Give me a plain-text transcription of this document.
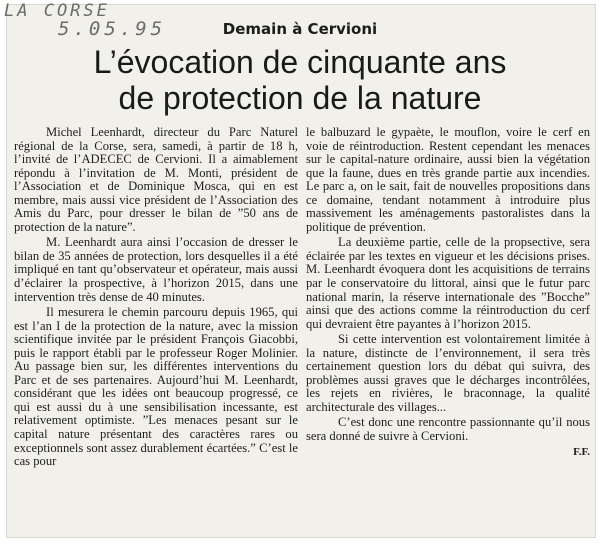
LA CORSE
5.05.95	Demain à Cervioni
L’évocation de cinquante ans
de protection de la nature

Michel Leenhardt, directeur du Parc Naturel régional de la Corse, sera, samedi, à partir de 18 h, l’invité de l’ADECEC de Cervioni. Il a aimablement répondu à l’invitation de M. Monti, président de l’Association et de Dominique Mosca, qui en est membre, mais aussi vice président de l’Association des Amis du Parc, pour dresser le bilan de ”50 ans de protection de la nature”.

M. Leenhardt aura ainsi l’occasion de dresser le bilan de 35 années de protection, lors desquelles il a été impliqué en tant qu’observateur et opérateur, mais aussi d’éclairer la prospective, à l’horizon 2015, dans une intervention très dense de 40 minutes.

Il mesurera le chemin parcouru depuis 1965, qui est l’an I de la protection de la nature, avec la mission scientifique invitée par le président François Giacobbi, puis le rapport établi par le professeur Roger Molinier. Au passage bien sur, les différentes interventions du Parc et de ses partenaires. Aujourd’hui M. Leenhardt, considérant que les idées ont beaucoup progressé, ce qui est aussi du à une sensibilisation incessante, est relativement optimiste. ”Les menaces pesant sur le capital nature présentant des caractères rares ou exceptionnels sont assez durablement écartées.” C’est le cas pour

le balbuzard le gypaète, le mouflon, voire le cerf en voie de réintroduction. Restent cependant les menaces sur le capital-nature ordinaire, aussi bien la végétation que la faune, dues en très grande partie aux incendies. Le parc a, on le sait, fait de nouvelles propositions dans ce domaine, tendant notamment à introduire plus massivement les aménagements pastoralistes dans la politique de prévention.

La deuxième partie, celle de la propsective, sera éclairée par les textes en vigueur et les décisions prises. M. Leenhardt évoquera dont les acquisitions de terrains par le conservatoire du littoral, ainsi que le futur parc national marin, la réserve internationale des ”Bocche” ainsi que des actions comme la réintroduction du cerf qui devraient être payantes à l’horizon 2015.

Si cette intervention est volontairement limitée à la nature, distincte de l’environnement, il sera très certainement question lors du débat qui suivra, des problèmes aussi graves que le décharges incontrôlées, les rejets en rivières, le braconnage, la qualité architecturale des villages...

C’est donc une rencontre passionnante qu’il nous sera donné de suivre à Cervioni.

F.F.
